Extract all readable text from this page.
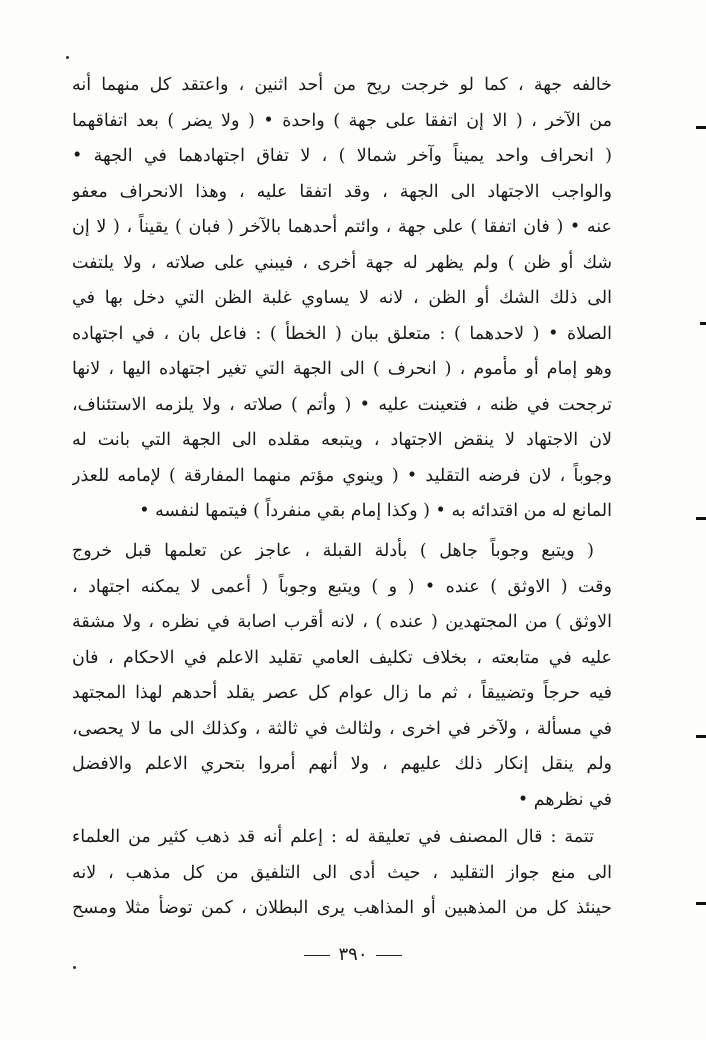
خالفه جهة ، كما لو خرجت ريح من أحد اثنين ، واعتقد كل منهما أنه
من الآخر ، ( الا إن اتفقا على جهة ) واحدة • ( ولا يضر ) بعد اتفاقهما
( انحراف واحد يميناً وآخر شمالا ) ، لا تفاق اجتهادهما في الجهة •
والواجب الاجتهاد الى الجهة ، وقد اتفقا عليه ، وهذا الانحراف معفو
عنه • ( فان اتفقا ) على جهة ، وائتم أحدهما بالآخر ( فبان ) يقيناً ، ( لا إن
شك أو ظن ) ولم يظهر له جهة أخرى ، فيبني على صلاته ، ولا يلتفت
الى ذلك الشك أو الظن ، لانه لا يساوي غلبة الظن التي دخل بها في
الصلاة • ( لاحدهما ) : متعلق ببان ( الخطأ ) : فاعل بان ، في اجتهاده
وهو إمام أو مأموم ، ( انحرف ) الى الجهة التي تغير اجتهاده اليها ، لانها
ترجحت في ظنه ، فتعينت عليه • ( وأتم ) صلاته ، ولا يلزمه الاستئناف،
لان الاجتهاد لا ينقض الاجتهاد ، ويتبعه مقلده الى الجهة التي بانت له
وجوباً ، لان فرضه التقليد • ( وينوي مؤتم منهما المفارقة ) لإمامه للعذر
المانع له من اقتدائه به • ( وكذا إمام بقي منفرداً ) فيتمها لنفسه •
( ويتبع وجوباً جاهل ) بأدلة القبلة ، عاجز عن تعلمها قبل خروج
وقت ( الاوثق ) عنده • ( و ) ويتبع وجوباً ( أعمى لا يمكنه اجتهاد ،
الاوثق ) من المجتهدين ( عنده ) ، لانه أقرب اصابة في نظره ، ولا مشقة
عليه في متابعته ، بخلاف تكليف العامي تقليد الاعلم في الاحكام ، فان
فيه حرجاً وتضييقاً ، ثم ما زال عوام كل عصر يقلد أحدهم لهذا المجتهد
في مسألة ، ولآخر في اخرى ، ولثالث في ثالثة ، وكذلك الى ما لا يحصى،
ولم ينقل إنكار ذلك عليهم ، ولا أنهم أمروا بتحري الاعلم والافضل
في نظرهم •
تتمة : قال المصنف في تعليقة له : إعلم أنه قد ذهب كثير من العلماء
الى منع جواز التقليد ، حيث أدى الى التلفيق من كل مذهب ، لانه
حينئذ كل من المذهبين أو المذاهب يرى البطلان ، كمن توضأ مثلا ومسح
٣٩٠
